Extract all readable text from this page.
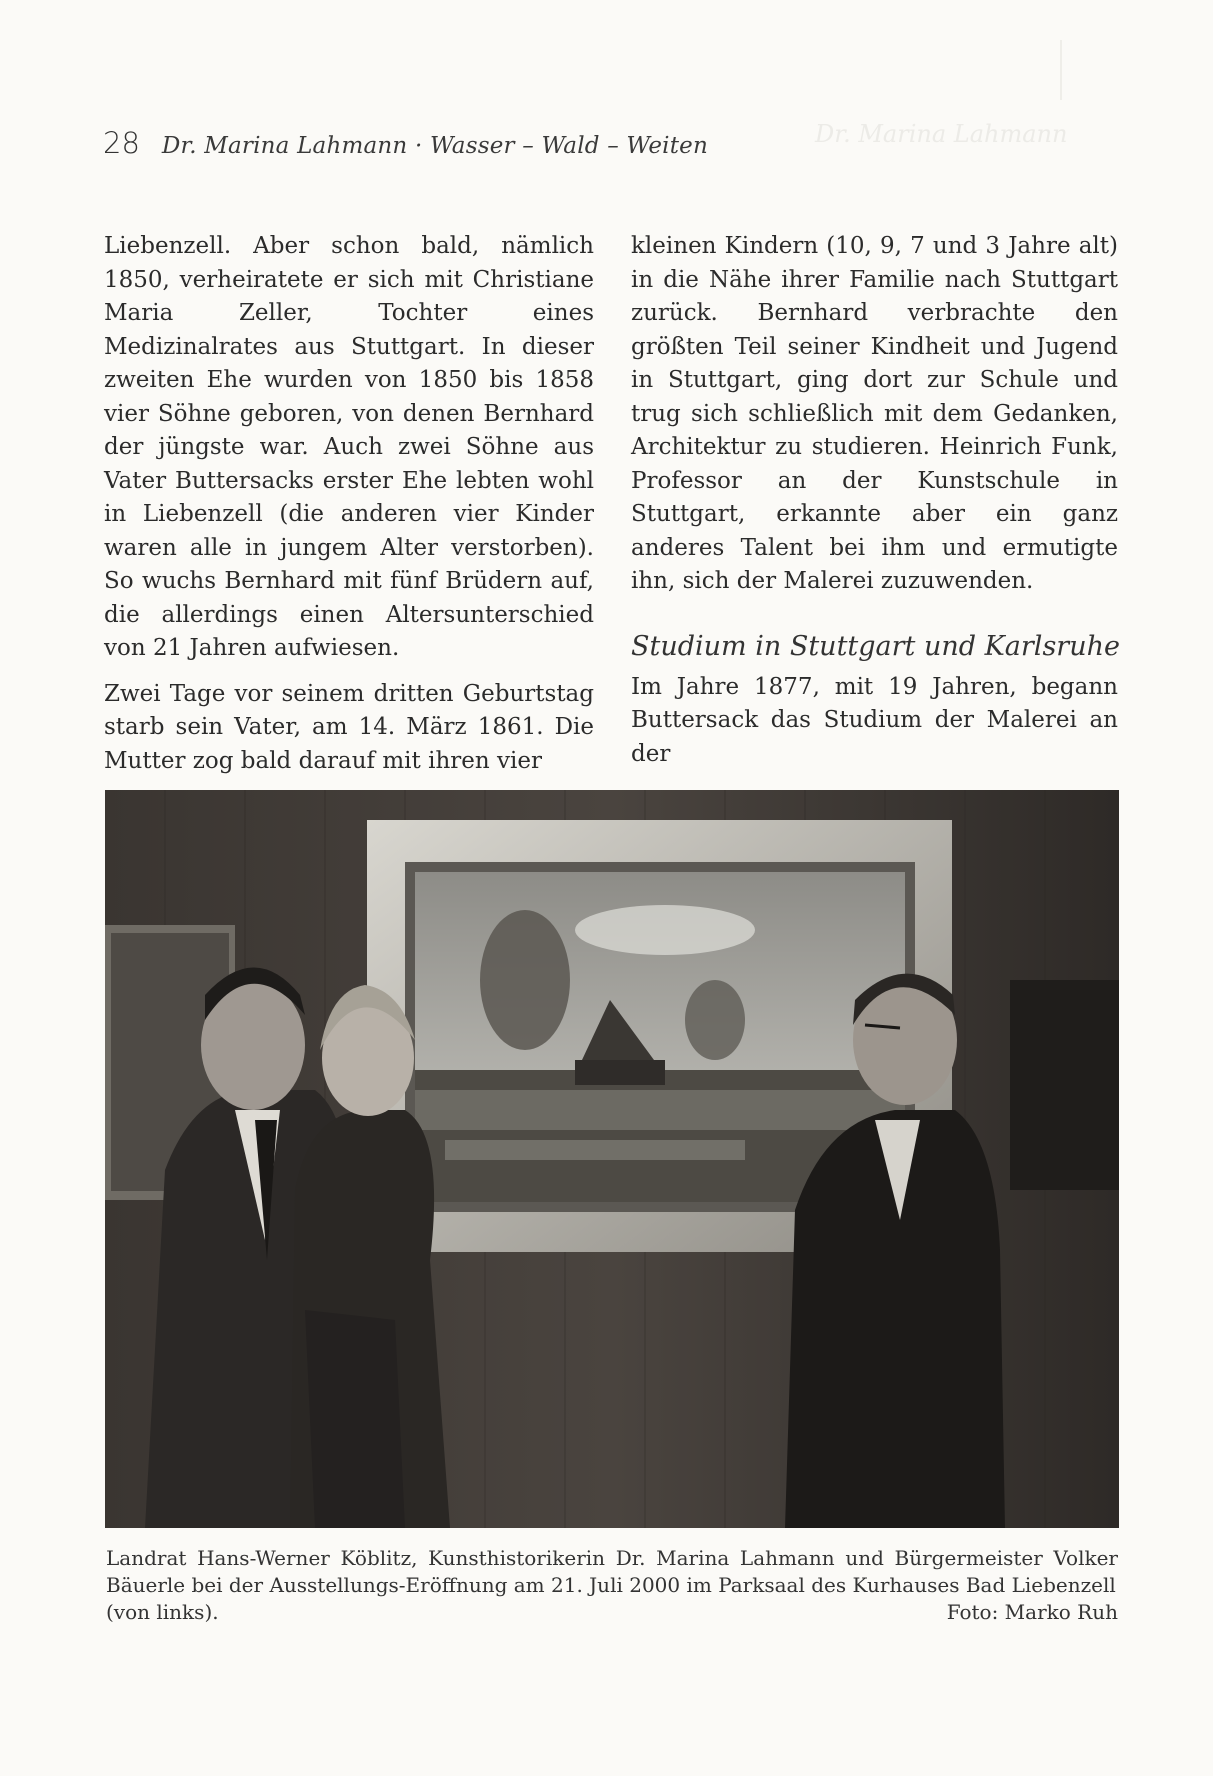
Dr. Marina Lahmann
28 Dr. Marina Lahmann · Wasser – Wald – Weiten

Liebenzell. Aber schon bald, nämlich 1850, verheiratete er sich mit Christiane Maria Zeller, Tochter eines Medizinalrates aus Stuttgart. In dieser zweiten Ehe wurden von 1850 bis 1858 vier Söhne geboren, von denen Bernhard der jüngste war. Auch zwei Söhne aus Vater Buttersacks erster Ehe lebten wohl in Liebenzell (die anderen vier Kinder waren alle in jungem Alter verstorben). So wuchs Bernhard mit fünf Brüdern auf, die allerdings einen Altersunterschied von 21 Jahren aufwiesen.

Zwei Tage vor seinem dritten Geburtstag starb sein Vater, am 14. März 1861. Die Mutter zog bald darauf mit ihren vier

kleinen Kindern (10, 9, 7 und 3 Jahre alt) in die Nähe ihrer Familie nach Stuttgart zurück. Bernhard verbrachte den größten Teil seiner Kindheit und Jugend in Stuttgart, ging dort zur Schule und trug sich schließlich mit dem Gedanken, Architektur zu studieren. Heinrich Funk, Professor an der Kunstschule in Stuttgart, erkannte aber ein ganz anderes Talent bei ihm und ermutigte ihn, sich der Malerei zuzuwenden.

Studium in Stuttgart und Karlsruhe

Im Jahre 1877, mit 19 Jahren, begann Buttersack das Studium der Malerei an der

Landrat Hans-Werner Köblitz, Kunsthistorikerin Dr. Marina Lahmann und Bürgermeister Volker Bäuerle bei der Ausstellungs-Eröffnung am 21. Juli 2000 im Parksaal des Kurhauses Bad Liebenzell
(von links).	Foto: Marko Ruh
